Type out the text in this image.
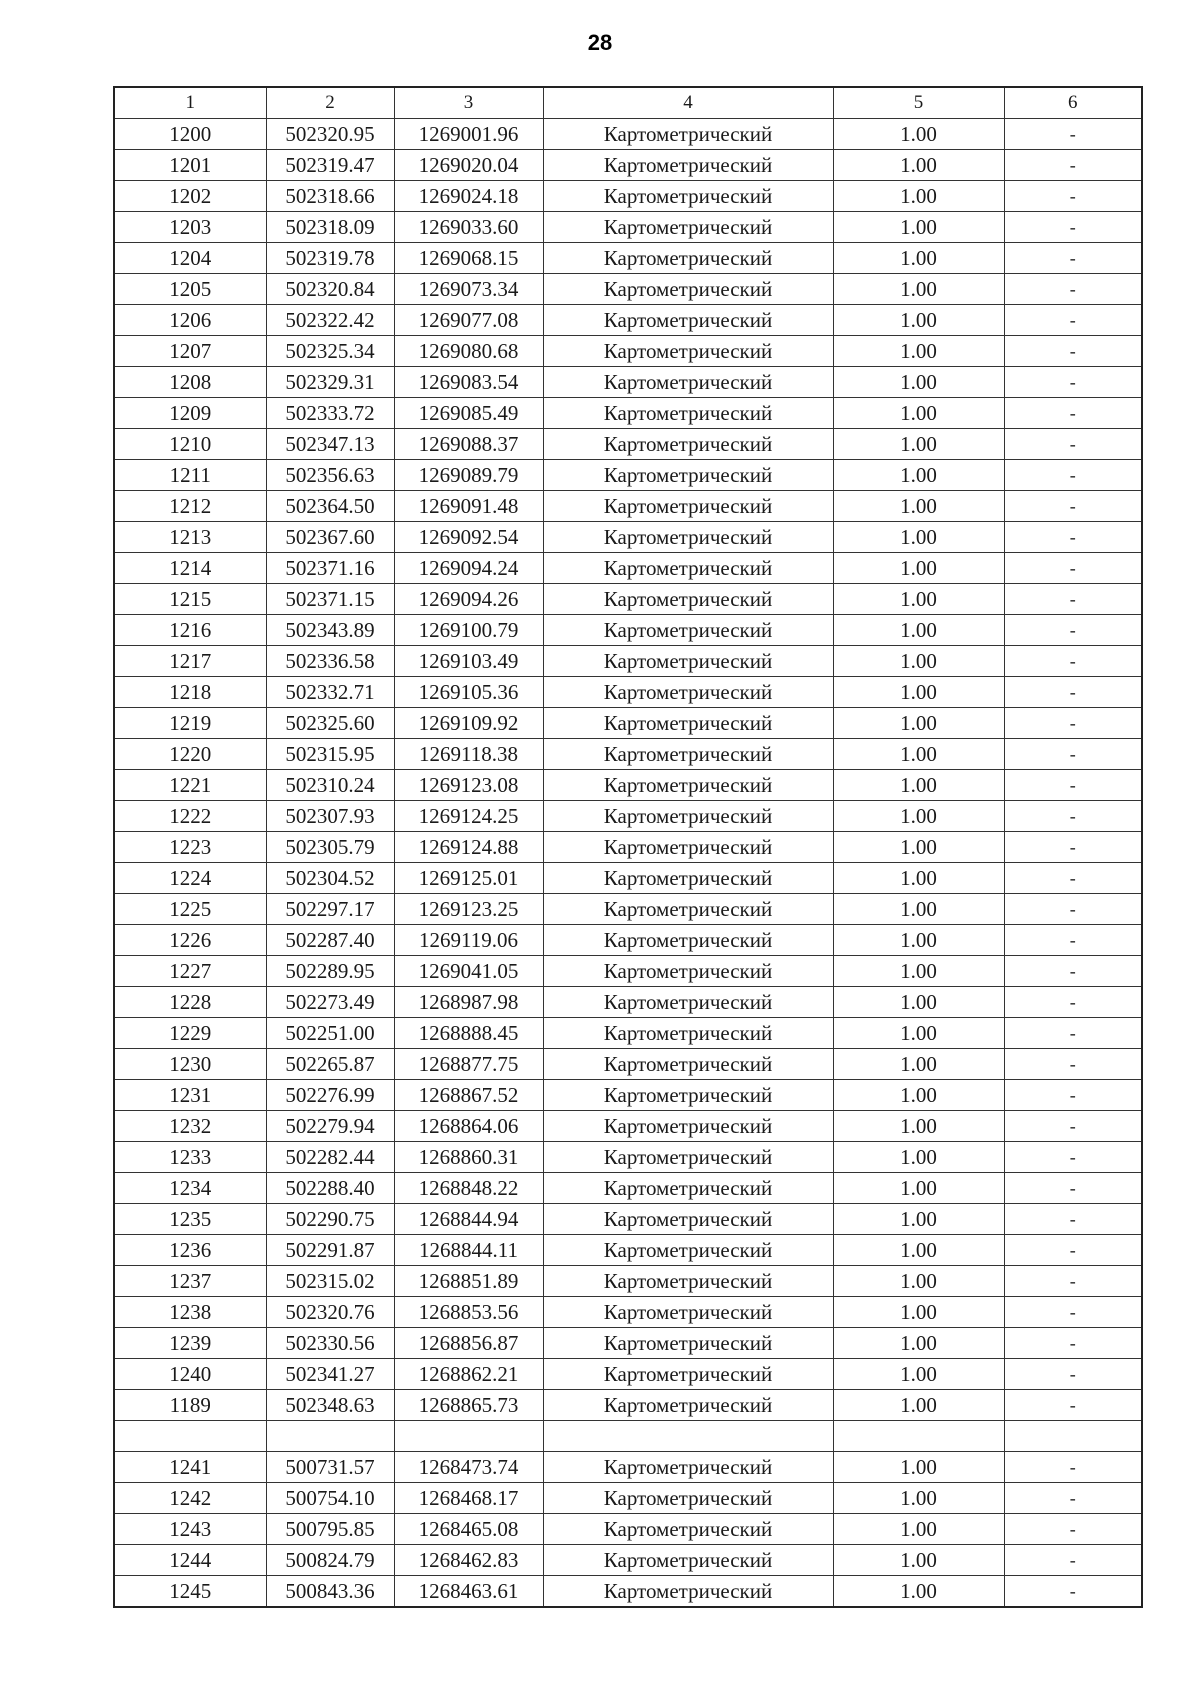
28
1	2	3	4	5	6
1200	502320.95	1269001.96	Картометрический	1.00	-
1201	502319.47	1269020.04	Картометрический	1.00	-
1202	502318.66	1269024.18	Картометрический	1.00	-
1203	502318.09	1269033.60	Картометрический	1.00	-
1204	502319.78	1269068.15	Картометрический	1.00	-
1205	502320.84	1269073.34	Картометрический	1.00	-
1206	502322.42	1269077.08	Картометрический	1.00	-
1207	502325.34	1269080.68	Картометрический	1.00	-
1208	502329.31	1269083.54	Картометрический	1.00	-
1209	502333.72	1269085.49	Картометрический	1.00	-
1210	502347.13	1269088.37	Картометрический	1.00	-
1211	502356.63	1269089.79	Картометрический	1.00	-
1212	502364.50	1269091.48	Картометрический	1.00	-
1213	502367.60	1269092.54	Картометрический	1.00	-
1214	502371.16	1269094.24	Картометрический	1.00	-
1215	502371.15	1269094.26	Картометрический	1.00	-
1216	502343.89	1269100.79	Картометрический	1.00	-
1217	502336.58	1269103.49	Картометрический	1.00	-
1218	502332.71	1269105.36	Картометрический	1.00	-
1219	502325.60	1269109.92	Картометрический	1.00	-
1220	502315.95	1269118.38	Картометрический	1.00	-
1221	502310.24	1269123.08	Картометрический	1.00	-
1222	502307.93	1269124.25	Картометрический	1.00	-
1223	502305.79	1269124.88	Картометрический	1.00	-
1224	502304.52	1269125.01	Картометрический	1.00	-
1225	502297.17	1269123.25	Картометрический	1.00	-
1226	502287.40	1269119.06	Картометрический	1.00	-
1227	502289.95	1269041.05	Картометрический	1.00	-
1228	502273.49	1268987.98	Картометрический	1.00	-
1229	502251.00	1268888.45	Картометрический	1.00	-
1230	502265.87	1268877.75	Картометрический	1.00	-
1231	502276.99	1268867.52	Картометрический	1.00	-
1232	502279.94	1268864.06	Картометрический	1.00	-
1233	502282.44	1268860.31	Картометрический	1.00	-
1234	502288.40	1268848.22	Картометрический	1.00	-
1235	502290.75	1268844.94	Картометрический	1.00	-
1236	502291.87	1268844.11	Картометрический	1.00	-
1237	502315.02	1268851.89	Картометрический	1.00	-
1238	502320.76	1268853.56	Картометрический	1.00	-
1239	502330.56	1268856.87	Картометрический	1.00	-
1240	502341.27	1268862.21	Картометрический	1.00	-
1189	502348.63	1268865.73	Картометрический	1.00	-

1241	500731.57	1268473.74	Картометрический	1.00	-
1242	500754.10	1268468.17	Картометрический	1.00	-
1243	500795.85	1268465.08	Картометрический	1.00	-
1244	500824.79	1268462.83	Картометрический	1.00	-
1245	500843.36	1268463.61	Картометрический	1.00	-
